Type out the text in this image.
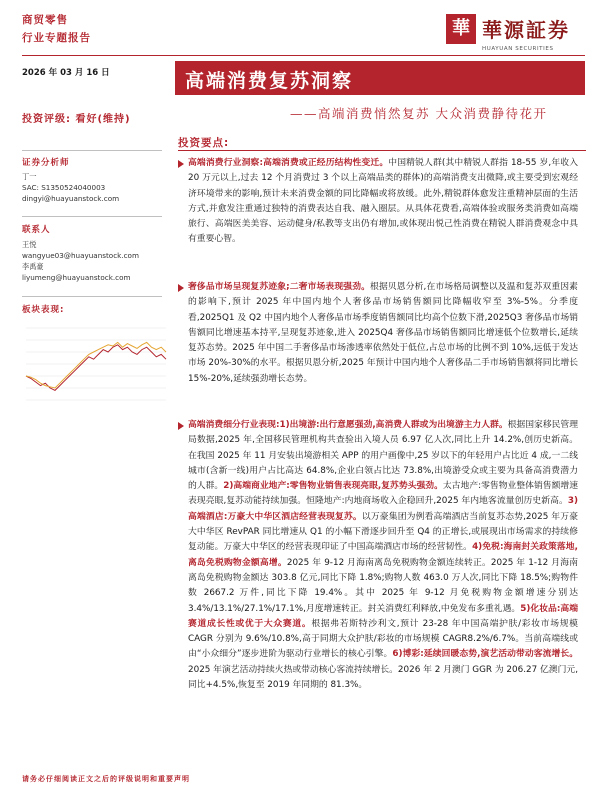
商贸零售
行业专题报告	華 華源証券
HUAYUAN SECURITIES
2026 年 03 月 16 日	高端消费复苏洞察
——高端消费悄然复苏 大众消费静待花开
投资评级: 看好(维持)
证券分析师
丁一
SAC: S1350524040003
dingyi@huayuanstock.com
联系人
王悦
wangyue03@huayuanstock.com
李禹豪
liyumeng@huayuanstock.com
板块表现:
投资要点:
高端消费行业洞察:高端消费或正经历结构性变迁。中国精锐人群(其中精锐人群指 18-55 岁,年收入 20 万元以上,过去 12 个月消费过 3 个以上高端品类的群体)的高端消费支出微降,或主要受到宏观经济环境带来的影响,预计未来消费金额的同比降幅或将放缓。此外,精锐群体愈发注重精神层面的生活方式,并愈发注重通过独特的消费表达自我、融入圈层。从具体花费看,高端体验或服务类消费如高端旅行、高端医美美容、运动健身/私教等支出仍有增加,或体现出悦己性消费在精锐人群消费观念中具有重要心智。
奢侈品市场呈现复苏迹象;二奢市场表现强劲。根据贝恩分析,在市场格局调整以及温和复苏双重因素的影响下,预计 2025 年中国内地个人奢侈品市场销售额同比降幅收窄至 3%-5%。分季度看,2025Q1 及 Q2 中国内地个人奢侈品市场季度销售额同比均高个位数下滑,2025Q3 奢侈品市场销售额同比增速基本持平,呈现复苏迹象,进入 2025Q4 奢侈品市场销售额同比增速低个位数增长,延续复苏态势。2025 年中国二手奢侈品市场渗透率依然处于低位,占总市场的比例不到 10%,远低于发达市场 20%-30%的水平。根据贝恩分析,2025 年预计中国内地个人奢侈品二手市场销售额将同比增长 15%-20%,延续强劲增长态势。
高端消费细分行业表现:1)出境游:出行意愿强劲,高消费人群或为出境游主力人群。根据国家移民管理局数据,2025 年,全国移民管理机构共查验出入境人员 6.97 亿人次,同比上升 14.2%,创历史新高。在我国 2025 年 11 月安装出境游相关 APP 的用户画像中,25 岁以下的年轻用户占比近 4 成,一二线城市(含新一线)用户占比高达 64.8%,企业白领占比达 73.8%,出境游受众或主要为具备高消费潜力的人群。2)高端商业地产:零售物业销售表现亮眼,复苏势头强劲。太古地产:零售物业整体销售额增速表现亮眼,复苏动能持续加强。恒隆地产:内地商场收入企稳回升,2025 年内地客流量创历史新高。3)高端酒店:万豪大中华区酒店经营表现复苏。以万豪集团为例看高端酒店当前复苏态势,2025 年万豪大中华区 RevPAR 同比增速从 Q1 的小幅下滑逐步回升至 Q4 的正增长,或展现出市场需求的持续修复动能。万豪大中华区的经营表现印证了中国高端酒店市场的经营韧性。4)免税:海南封关政策落地,离岛免税购物金额高增。2025 年 9-12 月海南离岛免税购物金额连续转正。2025 年 1-12 月海南离岛免税购物金额达 303.8 亿元,同比下降 1.8%;购物人数 463.0 万人次,同比下降 18.5%;购物件数 2667.2 万件,同比下降 19.4%。其中 2025 年 9-12 月免税购物金额增速分别达 3.4%/13.1%/27.1%/17.1%,月度增速转正。封关消费红利释放,中免发布多重礼遇。5)化妆品:高端赛道成长性或优于大众赛道。根据弗若斯特沙利文,预计 23-28 年中国高端护肤/彩妆市场规模 CAGR 分别为 9.6%/10.8%,高于同期大众护肤/彩妆的市场规模 CAGR8.2%/6.7%。当前高端线或由“小众细分”逐步进阶为驱动行业增长的核心引擎。6)博彩:延续回暖态势,演艺活动带动客流增长。2025 年演艺活动持续火热或带动核心客流持续增长。2026 年 2 月澳门 GGR 为 206.27 亿澳门元,同比+4.5%,恢复至 2019 年同期的 81.3%。
请务必仔细阅读正文之后的评级说明和重要声明
